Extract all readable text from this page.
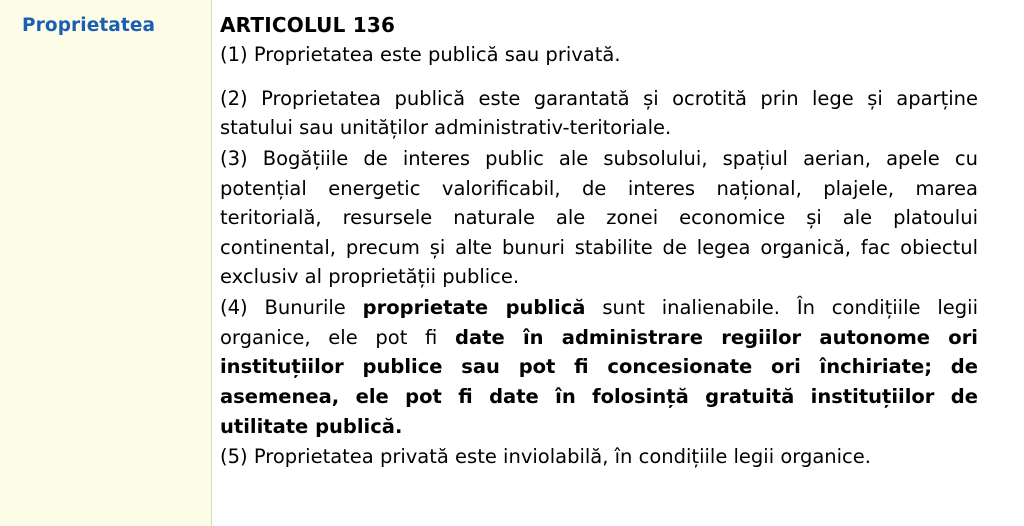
Proprietatea	ARTICOLUL 136

(1) Proprietatea este publică sau privată.

(2) Proprietatea publică este garantată și ocrotită prin lege și aparține statului sau unităților administrativ-teritoriale.

(3) Bogățiile de interes public ale subsolului, spațiul aerian, apele cu potențial energetic valorificabil, de interes național, plajele, marea teritorială, resursele naturale ale zonei economice și ale platoului continental, precum și alte bunuri stabilite de legea organică, fac obiectul exclusiv al proprietății publice.

(4) Bunurile proprietate publică sunt inalienabile. În condițiile legii organice, ele pot fi date în administrare regiilor autonome ori instituțiilor publice sau pot fi concesionate ori închiriate; de asemenea, ele pot fi date în folosință gratuită instituțiilor de utilitate publică.

(5) Proprietatea privată este inviolabilă, în condițiile legii organice.
